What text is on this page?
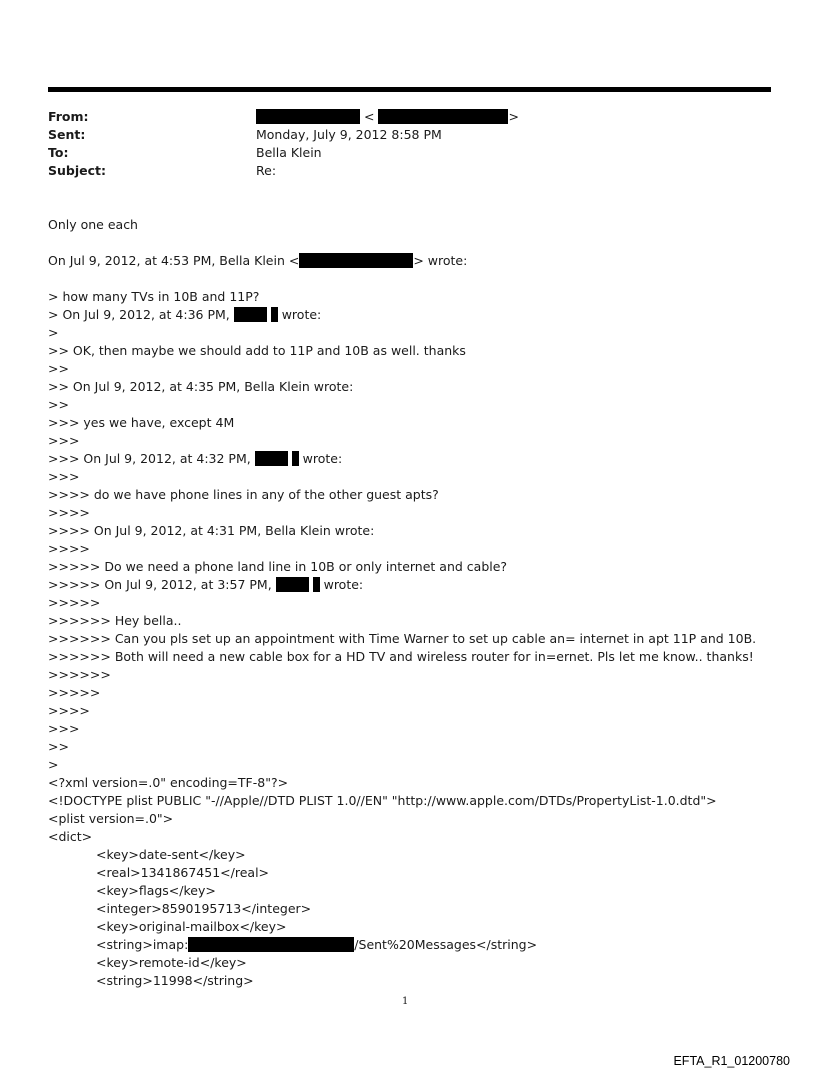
From:	<	>
Sent:	Monday, July 9, 2012 8:58 PM
To:	Bella Klein
Subject:	Re:
Only one each
On Jul 9, 2012, at 4:53 PM, Bella Klein <	> wrote:
> how many TVs in 10B and 11P?
> On Jul 9, 2012, at 4:36 PM,	wrote:
>
>> OK, then maybe we should add to 11P and 10B as well. thanks
>>
>> On Jul 9, 2012, at 4:35 PM, Bella Klein wrote:
>>
>>> yes we have, except 4M
>>>
>>> On Jul 9, 2012, at 4:32 PM,	wrote:
>>>
>>>> do we have phone lines in any of the other guest apts?
>>>>
>>>> On Jul 9, 2012, at 4:31 PM, Bella Klein wrote:
>>>>
>>>>> Do we need a phone land line in 10B or only internet and cable?
>>>>> On Jul 9, 2012, at 3:57 PM,	wrote:
>>>>>
>>>>>> Hey bella..
>>>>>> Can you pls set up an appointment with Time Warner to set up cable an= internet in apt 11P and 10B.
>>>>>> Both will need a new cable box for a HD TV and wireless router for in=ernet. Pls let me know.. thanks!
>>>>>>
>>>>>
>>>>
>>>
>>
>
<?xml version=.0" encoding=TF-8"?>
<!DOCTYPE plist PUBLIC "-//Apple//DTD PLIST 1.0//EN" "http://www.apple.com/DTDs/PropertyList-1.0.dtd">
<plist version=.0">
<dict>
<key>date-sent</key>
<real>1341867451</real>
<key>flags</key>
<integer>8590195713</integer>
<key>original-mailbox</key>
<string>imap:	/Sent%20Messages</string>
<key>remote-id</key>
<string>11998</string>
1
EFTA_R1_01200780
